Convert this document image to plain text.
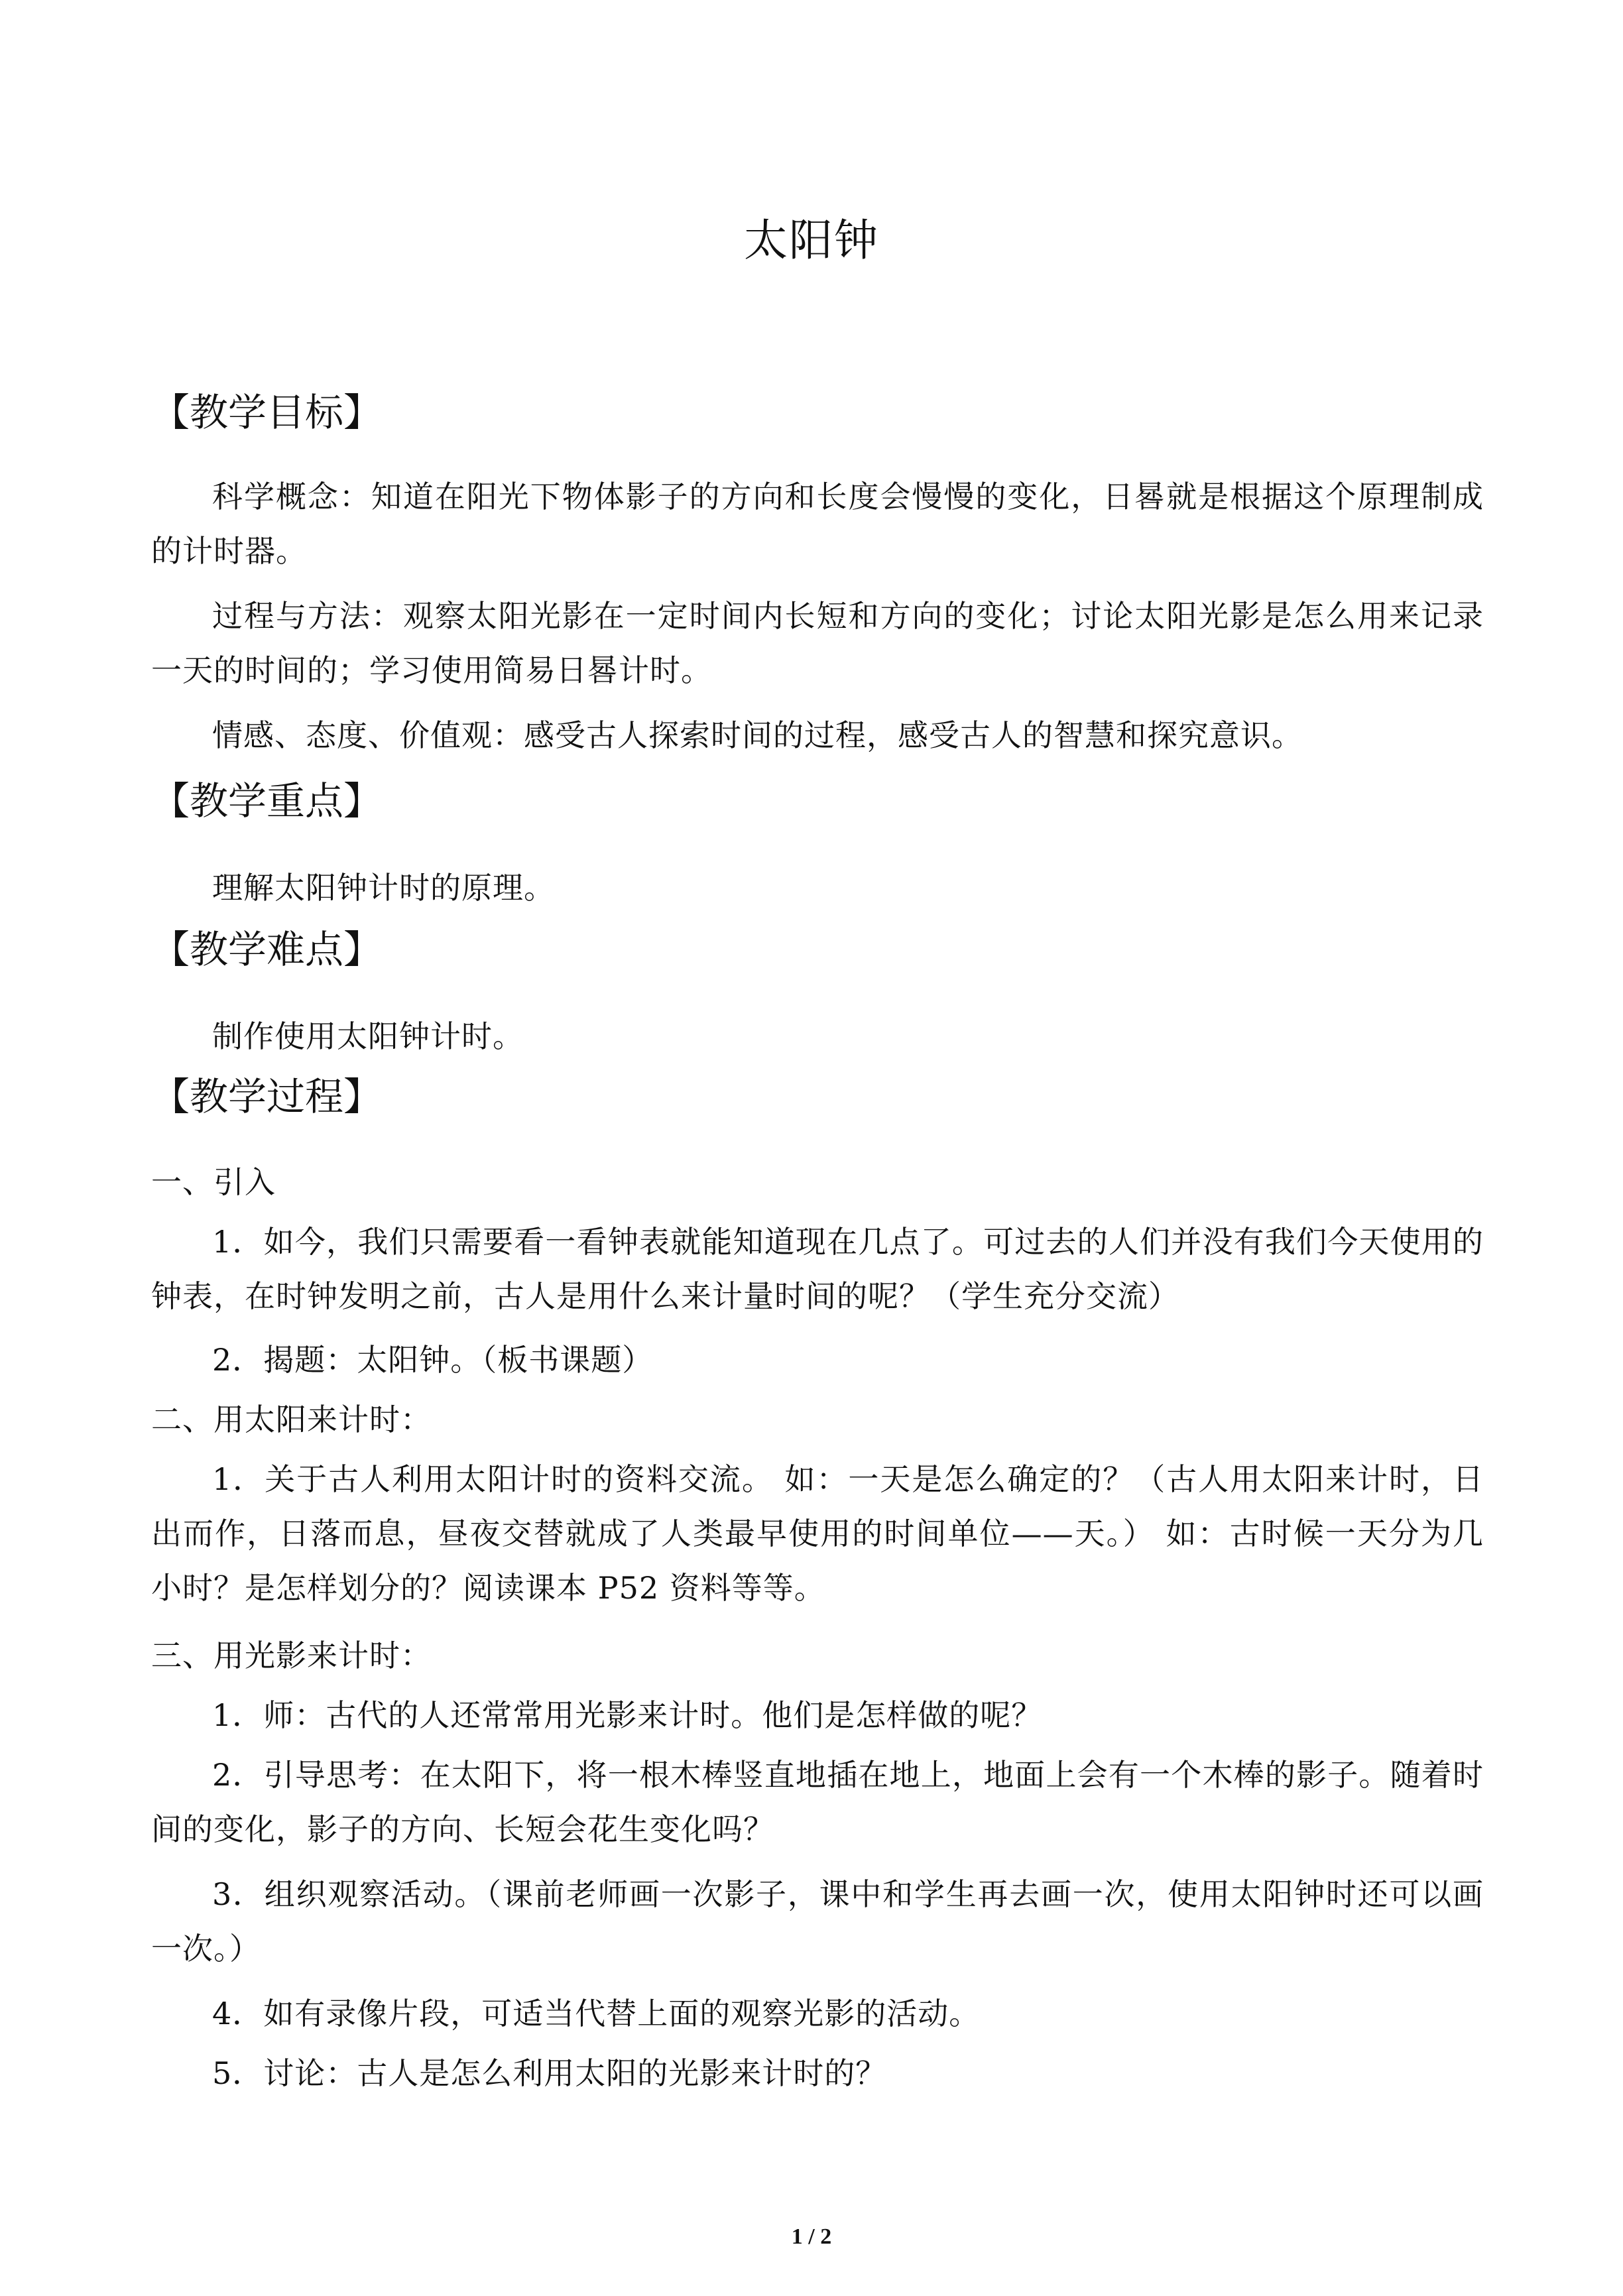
太阳钟
【教学目标】
科学概念：知道在阳光下物体影子的方向和长度会慢慢的变化，日晷就是根据这个原理制成的计时器。
过程与方法：观察太阳光影在一定时间内长短和方向的变化；讨论太阳光影是怎么用来记录一天的时间的；学习使用简易日晷计时。
情感、态度、价值观：感受古人探索时间的过程，感受古人的智慧和探究意识。
【教学重点】
理解太阳钟计时的原理。
【教学难点】
制作使用太阳钟计时。
【教学过程】
一、引入
1．如今，我们只需要看一看钟表就能知道现在几点了。可过去的人们并没有我们今天使用的钟表，在时钟发明之前，古人是用什么来计量时间的呢？（学生充分交流）
2．揭题：太阳钟。（板书课题）
二、用太阳来计时：
1．关于古人利用太阳计时的资料交流。 如：一天是怎么确定的？（古人用太阳来计时，日出而作，日落而息，昼夜交替就成了人类最早使用的时间单位——天。） 如：古时候一天分为几小时？是怎样划分的？阅读课本 P52 资料等等。
三、用光影来计时：
1．师：古代的人还常常用光影来计时。他们是怎样做的呢？
2．引导思考：在太阳下，将一根木棒竖直地插在地上，地面上会有一个木棒的影子。随着时间的变化，影子的方向、长短会花生变化吗？
3．组织观察活动。（课前老师画一次影子，课中和学生再去画一次，使用太阳钟时还可以画一次。）
4．如有录像片段，可适当代替上面的观察光影的活动。
5．讨论：古人是怎么利用太阳的光影来计时的？
1 / 2
